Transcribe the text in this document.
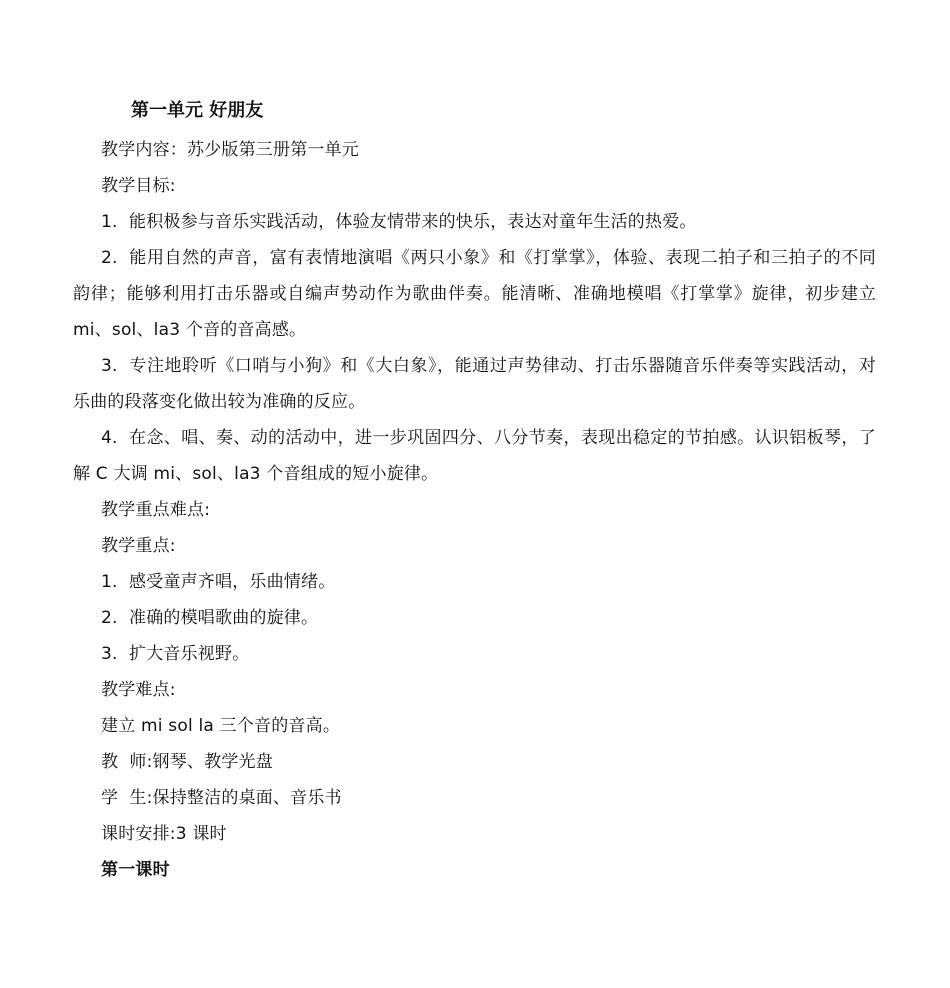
第一单元 好朋友

教学内容：苏少版第三册第一单元

教学目标:

1. 能积极参与音乐实践活动，体验友情带来的快乐，表达对童年生活的热爱。

2. 能用自然的声音，富有表情地演唱《两只小象》和《打掌掌》，体验、表现二拍子和三拍子的不同韵律；能够利用打击乐器或自编声势动作为歌曲伴奏。能清晰、准确地模唱《打掌掌》旋律，初步建立 mi、sol、la3 个音的音高感。

3. 专注地聆听《口哨与小狗》和《大白象》，能通过声势律动、打击乐器随音乐伴奏等实践活动，对乐曲的段落变化做出较为准确的反应。

4. 在念、唱、奏、动的活动中，进一步巩固四分、八分节奏，表现出稳定的节拍感。认识铝板琴，了解 C 大调 mi、sol、la3 个音组成的短小旋律。

教学重点难点:

教学重点:

1. 感受童声齐唱，乐曲情绪。

2. 准确的模唱歌曲的旋律。

3. 扩大音乐视野。

教学难点:

建立 mi sol la 三个音的音高。

教  师:钢琴、教学光盘

学  生:保持整洁的桌面、音乐书

课时安排:3 课时

第一课时
